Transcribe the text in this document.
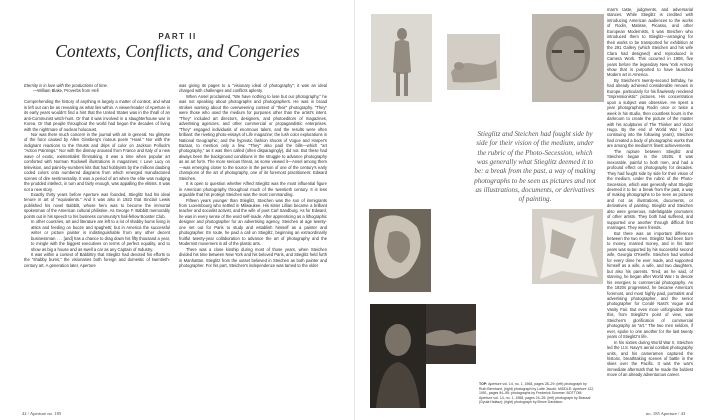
PART II
Contexts, Conflicts, and Congeries

Eternity is in love with the productions of time.

—William Blake, Proverbs from Hell

Comprehending the history of anything is largely a matter of context, and what is left out can be as revealing as what lies within. A viewer/reader of Aperture in its early years wouldn't find a hint that the United States was in the thrall of an anti-Communist witch-hunt. Or that it was involved in a slaughterhouse war in Korea. Or that people throughout the world had begun the decades of living with the nightmare of nuclear holocaust.

Nor was there much concern in the journal with art in general. No glimpse of the furor caused by Allen Ginsberg's riotous poem "Howl." Nor with the indignant reactions to the thrusts and drips of color on Jackson Pollock's "Action Paintings." Nor with the dismay aroused from France and Italy of a new wave of exotic, existentialist filmmaking. It was a time when popular art comforted with Norman Rockwell illustrations in magazines; I Love Lucy on television, and paint-by-numbers kits that had hobbyists by the millions daubing coded colors onto numbered diagrams from which emerged manufactured scenes of dire sentimentality. It was a period of art when the elite was nudging the prodded intellect, in turn and fairly enough, was appalling the elitists. It was not a new story.

Exactly thirty years before Aperture was founded, Stieglitz had his ideal tenure in art of "equivalents." And it was also in 1922 that Sinclair Lewis published his novel Babbitt, whose hero was to become the immortal spokesman of the American cultural philistine. As George F. Babbitt memorably points out in his speech to his business community's hail-fellow Booster Club.

In other countries, art and literature are left to a lot of shabby bums living in attics and feeding on booze and spaghetti; but in America the successful writer or picture painter is indistinguishable from any other decent businessman . . . [and] has a chance to drag down his fifty thousand a year, to mingle with the biggest executives on terms of perfect equality, and to show as big a house and as swell a car as any Captain of Industry.

It was within a context of Babbittry that Stieglitz had devoted his efforts to the "shabby bums," the visionaries both foreign and domestic of twentieth-century art. A generation later, Aperture

was giving its pages to a "visionary ideal of photography"; it was an ideal charged with challenges and conflicts aplenty.

When Ansel proclaimed, "We have nothing to lose but our photography," he was not speaking about photographs and photographers. He was in broad strokes warning about the overweening context of "their" photography. "They" were those who used the medium for purposes other than the artist's intent. "They" included art directors, designers, and photoeditors of magazines, advertising agencies, and other commercial or propagandistic enterprises. "They" engaged individuals of enormous talent, and the results were often brilliant: the riveting photo-essays of Life magazine; the lush color explorations in National Geographic; and the hypnotic fashion shoots of Vogue and Harper's Bazaar, to mention only a few. "They" also paid the bills—which "art photography," as it was then called (often disparagingly), did not. But these had always been the background conditions in the struggle to advance photography as an art form. The more serious threat, as some viewed it—Ansel among them—was emerging closer to the source in the person of one of the century's early champions of the art of photography, one of its foremost practitioners: Edward Steichen.

It is open to question whether Alfred Stieglitz was the most influential figure in American photography throughout much of the twentieth century. It is less arguable that his protégé Steichen was the most commanding.

Fifteen years younger than Stieglitz, Steichen was the son of immigrants from Luxembourg who settled in Milwaukee. His sister Lillian became a brilliant teacher and socialist activist, and the wife of poet Carl Sandburg. As for Edward, he was in every sense of the word self-made. After apprenticing as a lithographic designer and photographer for an advertising agency, Steichen at age twenty-one set out for Paris to study and establish himself as a painter and photographer. En route, he paid a call on Stieglitz, beginning an extraordinarily fruitful twenty-year collaboration to advance the art of photography and the Modernist movement in all of the plastic arts.

There was a close kinship during most of those years, when Steichen divided his time between New York and his beloved Paris, and Stieglitz held forth in Manhattan. Stieglitz from the outset believed in Steichen as both painter and photographer. For his part, Steichen's independence was tamed to the older

42 / Aperture no. 185

man's taste, judgments, and adversarial stances. While Stieglitz is credited with introducing American audiences to the works of Rodin, Matisse, Picasso, and other European Modernists, it was Steichen who introduced them to Stieglitz—arranging for their works to be transported for exhibition at the 291 Gallery (which Steichen and his wife Clara had designed) and reproduced in Camera Work. This occurred in 1908, five years before the legendary New York Armory show that is purported to have launched Modern art in America.

By Steichen's twenty-second birthday, he had already achieved considerable renown in Europe, particularly for his flawlessly rendered "Impressionistic" pictures. His concentration upon a subject was obsessive. He spent a year photographing Rodin once or twice a week in his studio, then countless hours in the darkroom to create the picture of the master with his sculptures of The Thinker and Victor Hugo. By the end of World War I (and continuing into the following years), Steichen had created a body of photographic works that are among the medium's finest achievements.

The rupture between Stieglitz and Steichen began in the 1920s. It was inexorable, painful to both men, and had a profound effect on photography for decades. They had fought side by side for their vision of the medium, under the rubric of the Photo-Secession, which was generally what Stieglitz deemed it to be: a break from the past, a way of making photographs to be seen as pictures and not as illustrations, documents, or derivatives of painting. Stieglitz and Steichen also were generous, indefatigable promoters of other artists. They both had suffered, and supported one another through difficult first marriages. They were friends.

But there was an important difference between the two men. Stieglitz had been born to money, married money, and in his later years was supported by his successful second wife, Georgia O'Keeffe. Steichen had worked for every dime he ever made, and supported himself as a wife, a wife, and two daughters, but also his parents. Tired, as he said, of starving, he began after World War I to devote his energies to commercial photography. As the 1920s progressed, he became America's foremost, and most highly paid, portraitist and advertising photographer, and the senior photographer for Condé Nast's Vogue and Vanity Fair. But even more unforgivable than this, from Stieglitz's point of view, was Steichen's glorification of commercial photography as "art." The two men seldom, if ever, spoke to one another for the last twenty years of Stieglitz's life.

In his sixties during World War II, Steichen led the U.S. Navy's aerial combat photography units, and his cameramen captured the historic, breathtaking scenes of battle in the skies over the Pacific. It was the war's immediate aftermath that he made the boldest move of an already adventurous career.

no. 185 Aperture / 43
Stieglitz and Steichen had fought side by side for their vision of the medium, under the rubric of the Photo-Secession, which was generally what Stieglitz deemed it to be: a break from the past, a way of making photographs to be seen as pictures and not as illustrations, documents, or derivatives of painting.
TOP: Aperture vol. 14, no. 1, 1968, pages 28–29: (left) photograph by Ruth Bernhard, (right) photograph by Lotte Jacobi. MIDDLE: Aperture 122, 1991, pages 94–95: photographs by Frederick Sommer. BOTTOM: Aperture vol. 14, no. 1, 1968, pages 24–25: (left) photograph by Brassaï (Gyula Halász); (right) photograph by Bruce Davidson.
